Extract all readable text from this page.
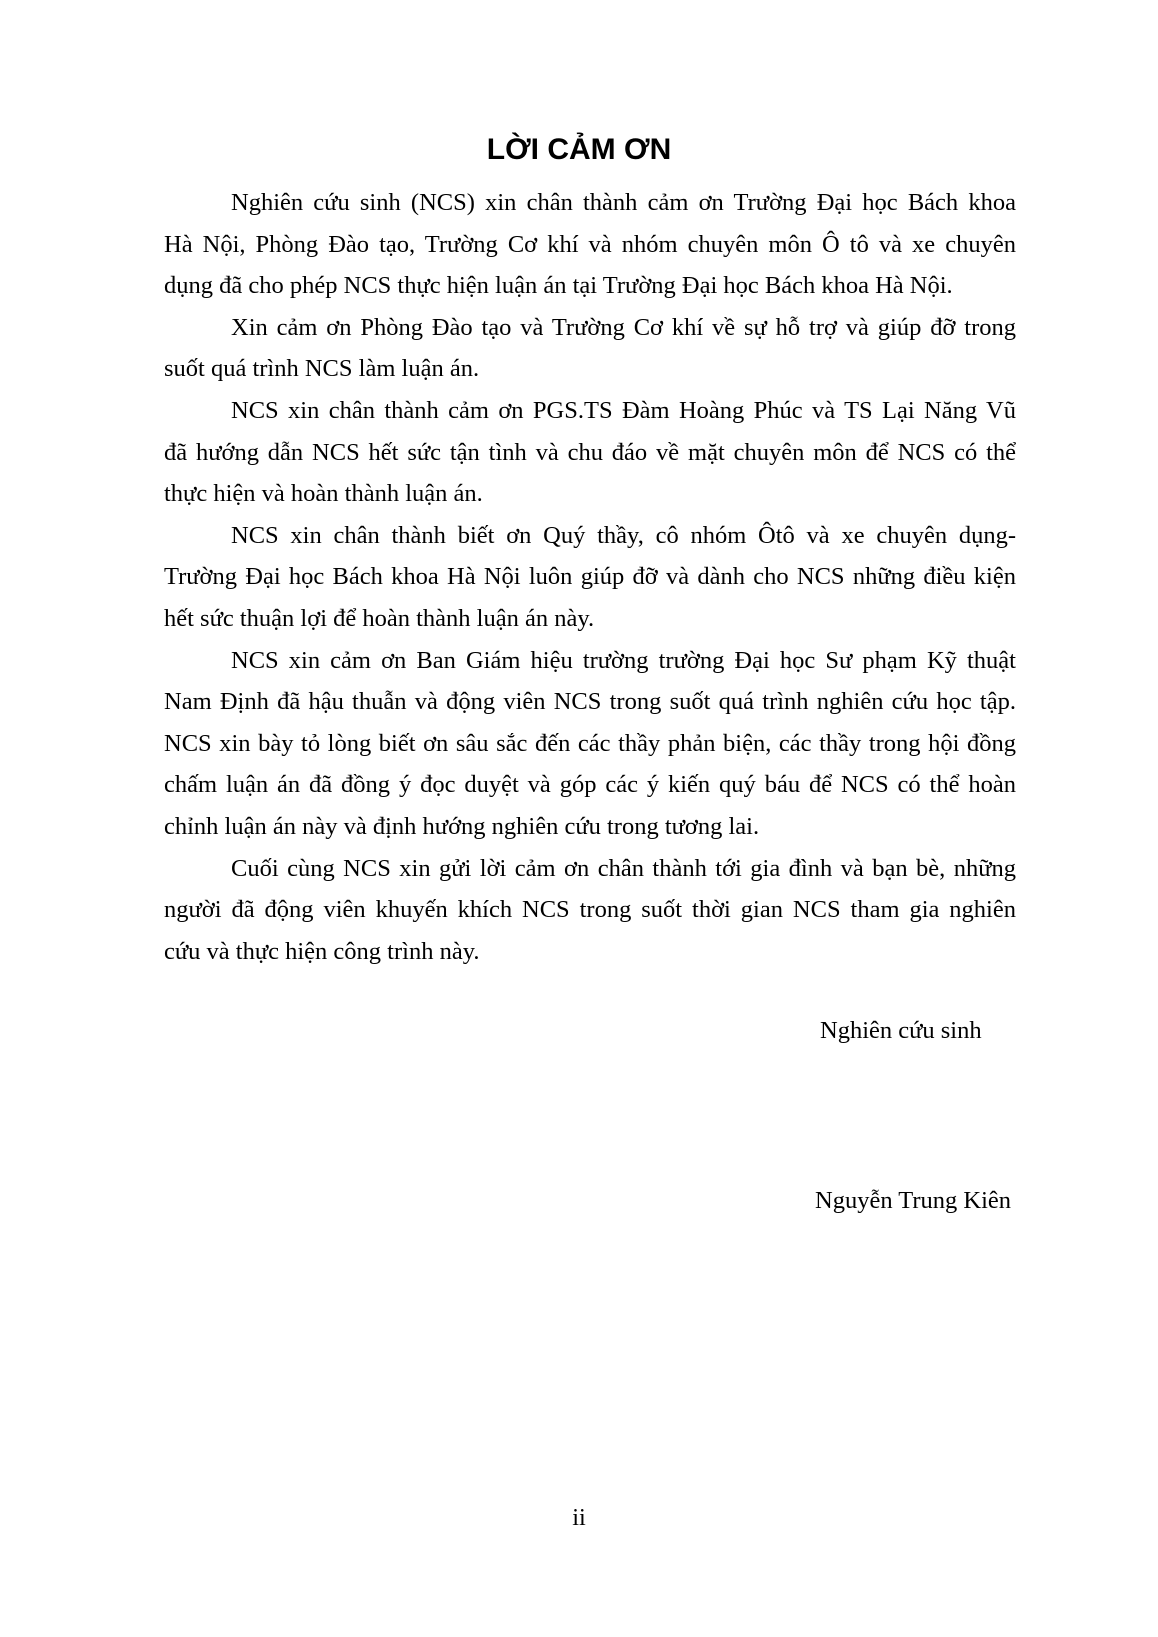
LỜI CẢM ƠN

Nghiên cứu sinh (NCS) xin chân thành cảm ơn Trường Đại học Bách khoa
Hà Nội, Phòng Đào tạo, Trường Cơ khí và nhóm chuyên môn Ô tô và xe chuyên
dụng đã cho phép NCS thực hiện luận án tại Trường Đại học Bách khoa Hà Nội.

Xin cảm ơn Phòng Đào tạo và Trường Cơ khí về sự hỗ trợ và giúp đỡ trong
suốt quá trình NCS làm luận án.

NCS xin chân thành cảm ơn PGS.TS Đàm Hoàng Phúc và TS Lại Năng Vũ
đã hướng dẫn NCS hết sức tận tình và chu đáo về mặt chuyên môn để NCS có thể
thực hiện và hoàn thành luận án.

NCS xin chân thành biết ơn Quý thầy, cô nhóm Ôtô và xe chuyên dụng-
Trường Đại học Bách khoa Hà Nội luôn giúp đỡ và dành cho NCS những điều kiện
hết sức thuận lợi để hoàn thành luận án này.

NCS xin cảm ơn Ban Giám hiệu trường trường Đại học Sư phạm Kỹ thuật
Nam Định đã hậu thuẫn và động viên NCS trong suốt quá trình nghiên cứu học tập.
NCS xin bày tỏ lòng biết ơn sâu sắc đến các thầy phản biện, các thầy trong hội đồng
chấm luận án đã đồng ý đọc duyệt và góp các ý kiến quý báu để NCS có thể hoàn
chỉnh luận án này và định hướng nghiên cứu trong tương lai.

Cuối cùng NCS xin gửi lời cảm ơn chân thành tới gia đình và bạn bè, những
người đã động viên khuyến khích NCS trong suốt thời gian NCS tham gia nghiên
cứu và thực hiện công trình này.

Nghiên cứu sinh
Nguyễn Trung Kiên
ii
